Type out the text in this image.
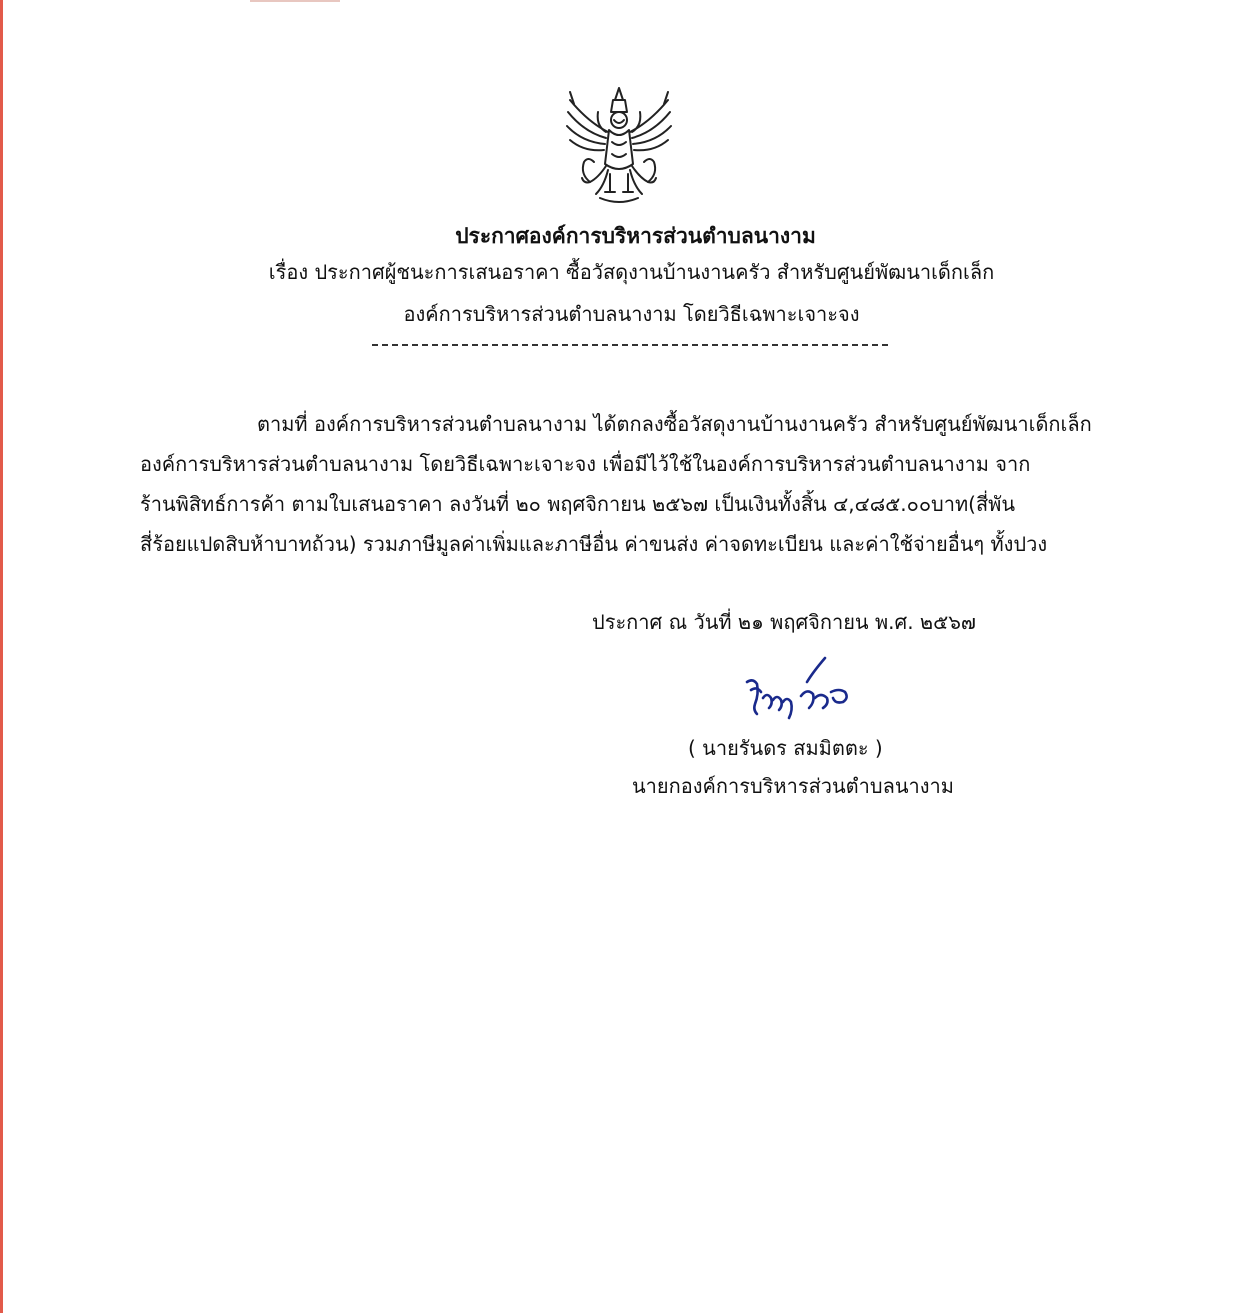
ประกาศองค์การบริหารส่วนตำบลนางาม
เรื่อง ประกาศผู้ชนะการเสนอราคา ซื้อวัสดุงานบ้านงานครัว สำหรับศูนย์พัฒนาเด็กเล็ก
องค์การบริหารส่วนตำบลนางาม โดยวิธีเฉพาะเจาะจง
ตามที่ องค์การบริหารส่วนตำบลนางาม ได้ตกลงซื้อวัสดุงานบ้านงานครัว สำหรับศูนย์พัฒนาเด็กเล็ก
องค์การบริหารส่วนตำบลนางาม โดยวิธีเฉพาะเจาะจง เพื่อมีไว้ใช้ในองค์การบริหารส่วนตำบลนางาม จาก
ร้านพิสิทธ์การค้า ตามใบเสนอราคา ลงวันที่ ๒๐ พฤศจิกายน ๒๕๖๗ เป็นเงินทั้งสิ้น ๔,๔๘๕.๐๐บาท(สี่พัน
สี่ร้อยแปดสิบห้าบาทถ้วน) รวมภาษีมูลค่าเพิ่มและภาษีอื่น ค่าขนส่ง ค่าจดทะเบียน และค่าใช้จ่ายอื่นๆ ทั้งปวง
ประกาศ ณ วันที่ ๒๑ พฤศจิกายน พ.ศ. ๒๕๖๗
( นายรันดร สมมิตตะ )
นายกองค์การบริหารส่วนตำบลนางาม
